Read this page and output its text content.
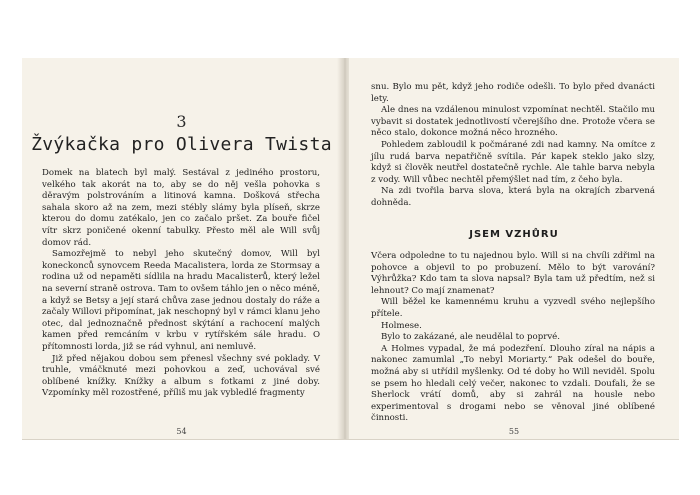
3
Žvýkačka pro Olivera Twista

Domek na blatech byl malý. Sestával z jediného prostoru, velkého tak akorát na to, aby se do něj vešla pohovka s děravým polstrováním a litinová kamna. Došková střecha sahala skoro až na zem, mezi stébly slámy byla plíseň, skrze kterou do domu zatékalo, jen co začalo pršet. Za bouře fičel vítr skrz poničené okenní tabulky. Přesto měl ale Will svůj domov rád.

Samozřejmě to nebyl jeho skutečný domov, Will byl koneckonců synovcem Reeda Macalistera, lorda ze Stormsay a rodina už od nepaměti sídlila na hradu Macalisterů, který ležel na severní straně ostrova. Tam to ovšem táhlo jen o něco méně, a když se Betsy a její stará chůva zase jednou dostaly do ráže a začaly Willovi připomínat, jak neschopný byl v rámci klanu jeho otec, dal jednoznačně přednost skýtání a rachocení malých kamen před remcáním v krbu v rytířském sále hradu. O přítomnosti lorda, již se rád vyhnul, ani nemluvě.

Již před nějakou dobou sem přenesl všechny své poklady. V truhle, vmáčknuté mezi pohovkou a zeď, uchovával své oblíbené knížky. Knížky a album s fotkami z jiné doby. Vzpomínky měl rozostřené, příliš mu jak vybledlé fragmenty

54

snu. Bylo mu pět, když jeho rodiče odešli. To bylo před dvanácti lety.

Ale dnes na vzdálenou minulost vzpomínat nechtěl. Stačilo mu vybavit si dostatek jednotlivostí včerejšího dne. Protože včera se něco stalo, dokonce možná něco hrozného.

Pohledem zabloudil k počmárané zdi nad kamny. Na omítce z jílu rudá barva nepatřičně svítila. Pár kapek steklo jako slzy, když si člověk neutřel dostatečně rychle. Ale tahle barva nebyla z vody. Will vůbec nechtěl přemýšlet nad tím, z čeho byla.

Na zdi tvořila barva slova, která byla na okrajích zbarvená dohněda.

JSEM VZHŮRU

Včera odpoledne to tu najednou bylo. Will si na chvíli zdřiml na pohovce a objevil to po probuzení. Mělo to být varování? Výhrůžka? Kdo tam ta slova napsal? Byla tam už předtím, než si lehnout? Co mají znamenat?

Will běžel ke kamennému kruhu a vyzvedl svého nejlepšího přítele.

Holmese.

Bylo to zakázané, ale neudělal to poprvé.

A Holmes vypadal, že má podezření. Dlouho zíral na nápis a nakonec zamumlal „To nebyl Moriarty.“ Pak odešel do bouře, možná aby si utřídil myšlenky. Od té doby ho Will neviděl. Spolu se psem ho hledali celý večer, nakonec to vzdali. Doufali, že se Sherlock vrátí domů, aby si zahrál na housle nebo experimentoval s drogami nebo se věnoval jiné oblíbené činnosti.

55
